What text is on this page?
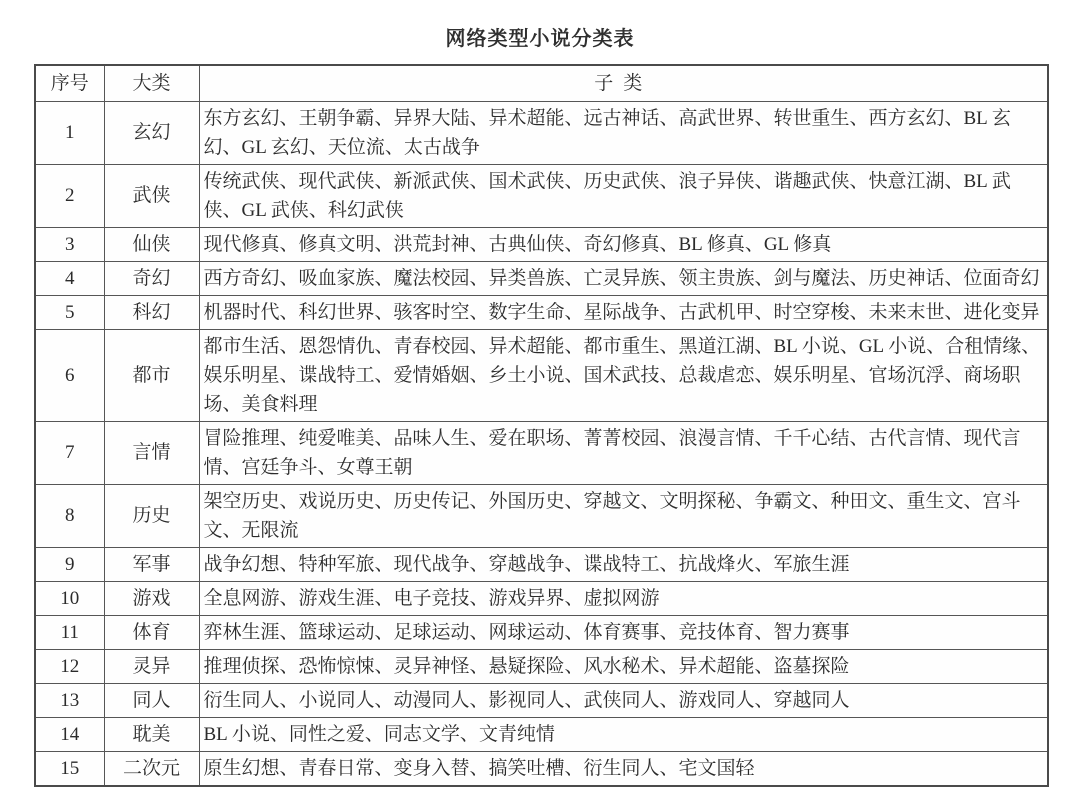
网络类型小说分类表
序号	大类	子类
1	玄幻	东方玄幻、王朝争霸、异界大陆、异术超能、远古神话、高武世界、转世重生、西方玄幻、BL 玄幻、GL 玄幻、天位流、太古战争
2	武侠	传统武侠、现代武侠、新派武侠、国术武侠、历史武侠、浪子异侠、谐趣武侠、快意江湖、BL 武侠、GL 武侠、科幻武侠
3	仙侠	现代修真、修真文明、洪荒封神、古典仙侠、奇幻修真、BL 修真、GL 修真
4	奇幻	西方奇幻、吸血家族、魔法校园、异类兽族、亡灵异族、领主贵族、剑与魔法、历史神话、位面奇幻
5	科幻	机器时代、科幻世界、骇客时空、数字生命、星际战争、古武机甲、时空穿梭、未来末世、进化变异
6	都市	都市生活、恩怨情仇、青春校园、异术超能、都市重生、黑道江湖、BL 小说、GL 小说、合租情缘、娱乐明星、谍战特工、爱情婚姻、乡土小说、国术武技、总裁虐恋、娱乐明星、官场沉浮、商场职场、美食料理
7	言情	冒险推理、纯爱唯美、品味人生、爱在职场、菁菁校园、浪漫言情、千千心结、古代言情、现代言情、宫廷争斗、女尊王朝
8	历史	架空历史、戏说历史、历史传记、外国历史、穿越文、文明探秘、争霸文、种田文、重生文、宫斗文、无限流
9	军事	战争幻想、特种军旅、现代战争、穿越战争、谍战特工、抗战烽火、军旅生涯
10	游戏	全息网游、游戏生涯、电子竞技、游戏异界、虚拟网游
11	体育	弈林生涯、篮球运动、足球运动、网球运动、体育赛事、竞技体育、智力赛事
12	灵异	推理侦探、恐怖惊悚、灵异神怪、悬疑探险、风水秘术、异术超能、盗墓探险
13	同人	衍生同人、小说同人、动漫同人、影视同人、武侠同人、游戏同人、穿越同人
14	耽美	BL 小说、同性之爱、同志文学、文青纯情
15	二次元	原生幻想、青春日常、变身入替、搞笑吐槽、衍生同人、宅文国轻
